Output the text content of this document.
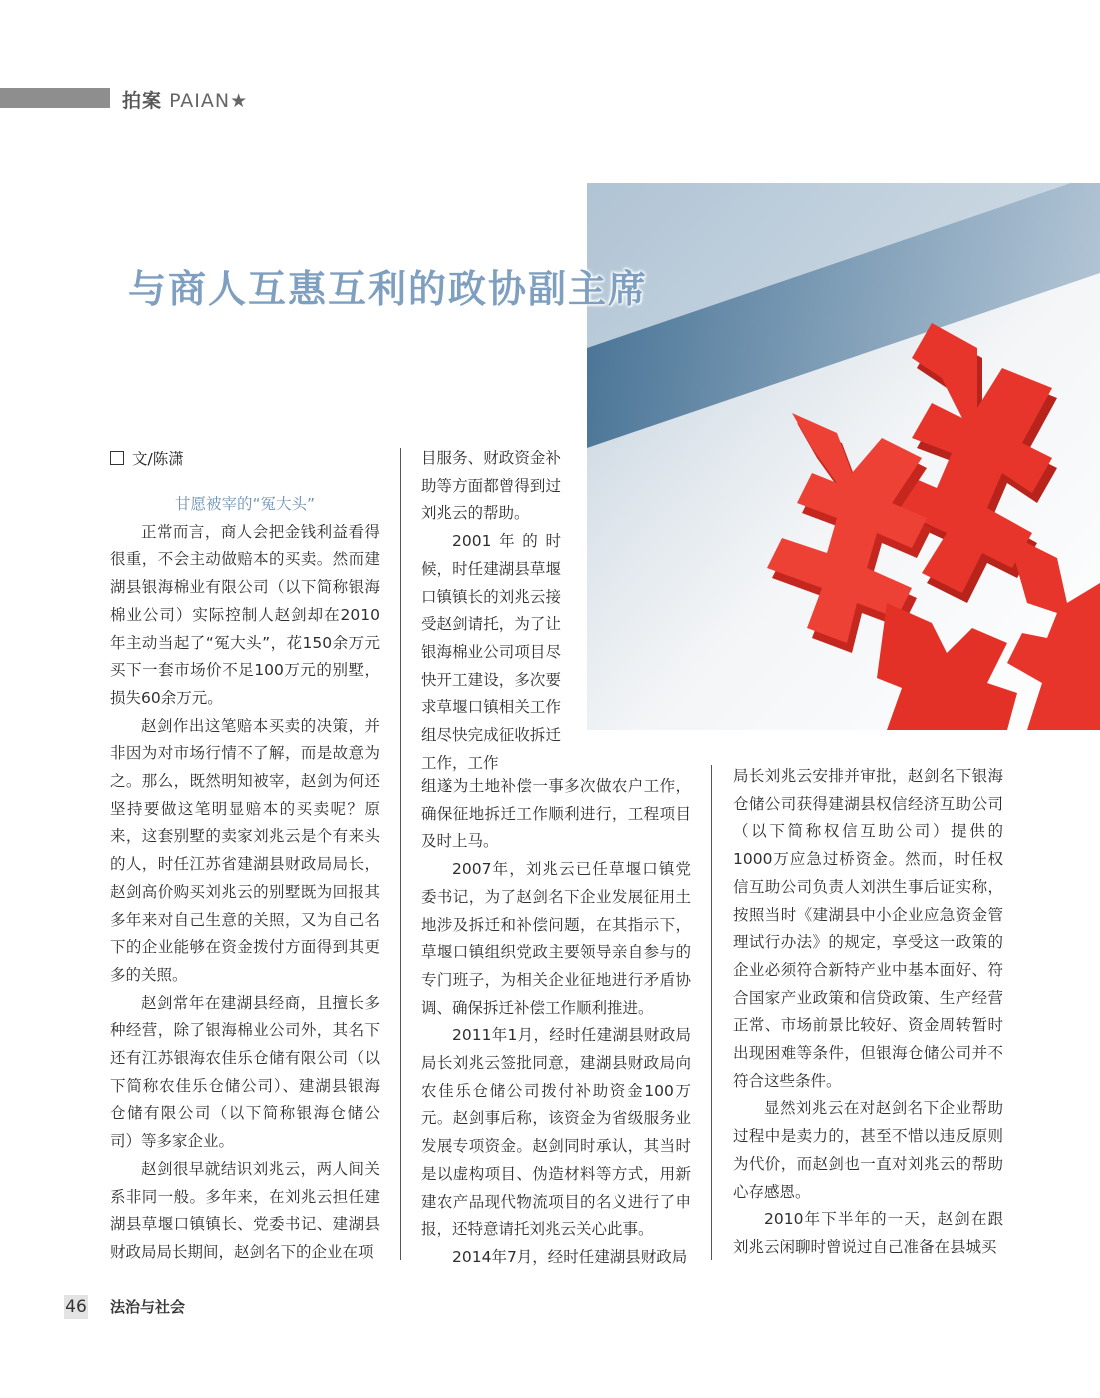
拍案 PAIAN★
与商人互惠互利的政协副主席
文/陈潇
甘愿被宰的“冤大头”

正常而言，商人会把金钱利益看得很重，不会主动做赔本的买卖。然而建湖县银海棉业有限公司（以下简称银海棉业公司）实际控制人赵剑却在2010年主动当起了“冤大头”，花150余万元买下一套市场价不足100万元的别墅，损失60余万元。

赵剑作出这笔赔本买卖的决策，并非因为对市场行情不了解，而是故意为之。那么，既然明知被宰，赵剑为何还坚持要做这笔明显赔本的买卖呢？原来，这套别墅的卖家刘兆云是个有来头的人，时任江苏省建湖县财政局局长，赵剑高价购买刘兆云的别墅既为回报其多年来对自己生意的关照，又为自己名下的企业能够在资金拨付方面得到其更多的关照。

赵剑常年在建湖县经商，且擅长多种经营，除了银海棉业公司外，其名下还有江苏银海农佳乐仓储有限公司（以下简称农佳乐仓储公司）、建湖县银海仓储有限公司（以下简称银海仓储公司）等多家企业。

赵剑很早就结识刘兆云，两人间关系非同一般。多年来，在刘兆云担任建湖县草堰口镇镇长、党委书记、建湖县财政局局长期间，赵剑名下的企业在项

目服务、财政资金补助等方面都曾得到过刘兆云的帮助。

2001年的时候，时任建湖县草堰口镇镇长的刘兆云接受赵剑请托，为了让银海棉业公司项目尽快开工建设，多次要求草堰口镇相关工作组尽快完成征收拆迁工作，工作

组遂为土地补偿一事多次做农户工作，确保征地拆迁工作顺利进行，工程项目及时上马。

2007年，刘兆云已任草堰口镇党委书记，为了赵剑名下企业发展征用土地涉及拆迁和补偿问题，在其指示下，草堰口镇组织党政主要领导亲自参与的专门班子，为相关企业征地进行矛盾协调、确保拆迁补偿工作顺利推进。

2011年1月，经时任建湖县财政局局长刘兆云签批同意，建湖县财政局向农佳乐仓储公司拨付补助资金100万元。赵剑事后称，该资金为省级服务业发展专项资金。赵剑同时承认，其当时是以虚构项目、伪造材料等方式，用新建农产品现代物流项目的名义进行了申报，还特意请托刘兆云关心此事。

2014年7月，经时任建湖县财政局

局长刘兆云安排并审批，赵剑名下银海仓储公司获得建湖县权信经济互助公司（以下简称权信互助公司）提供的1000万应急过桥资金。然而，时任权信互助公司负责人刘洪生事后证实称，按照当时《建湖县中小企业应急资金管理试行办法》的规定，享受这一政策的企业必须符合新特产业中基本面好、符合国家产业政策和信贷政策、生产经营正常、市场前景比较好、资金周转暂时出现困难等条件，但银海仓储公司并不符合这些条件。

显然刘兆云在对赵剑名下企业帮助过程中是卖力的，甚至不惜以违反原则为代价，而赵剑也一直对刘兆云的帮助心存感恩。

2010年下半年的一天，赵剑在跟刘兆云闲聊时曾说过自己准备在县城买

46 法治与社会
